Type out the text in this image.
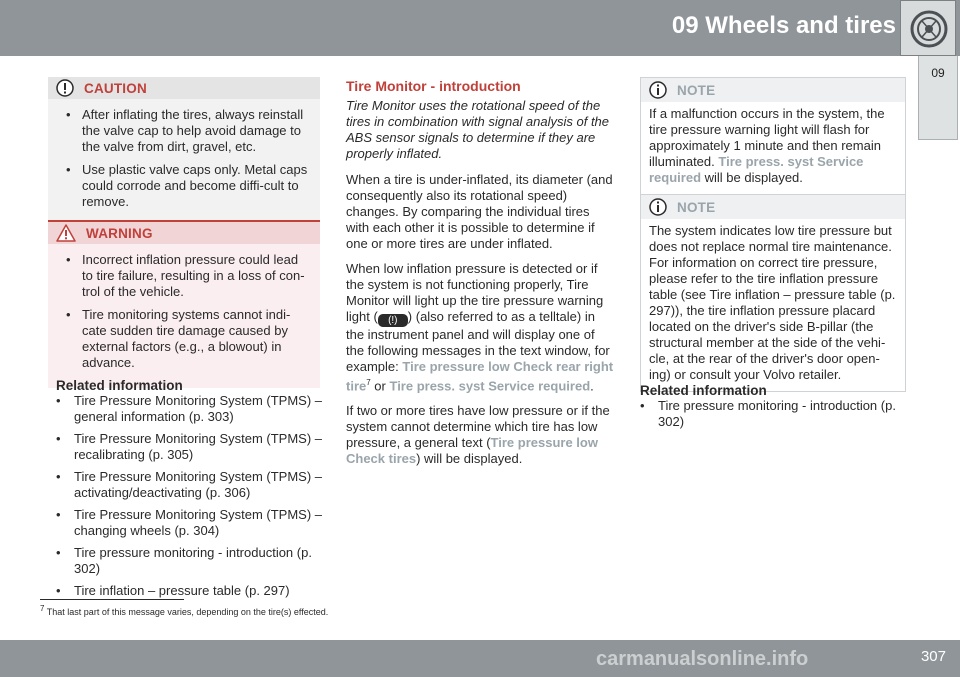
09 Wheels and tires
09
CAUTION
• After inflating the tires, always reinstall the valve cap to help avoid damage to the valve from dirt, gravel, etc.
• Use plastic valve caps only. Metal caps could corrode and become diffi-cult to remove.
WARNING
• Incorrect inflation pressure could lead to tire failure, resulting in a loss of con-trol of the vehicle.
• Tire monitoring systems cannot indi-cate sudden tire damage caused by external factors (e.g., a blowout) in advance.
Related information
• Tire Pressure Monitoring System (TPMS) – general information (p. 303)
• Tire Pressure Monitoring System (TPMS) – recalibrating (p. 305)
• Tire Pressure Monitoring System (TPMS) – activating/deactivating (p. 306)
• Tire Pressure Monitoring System (TPMS) – changing wheels (p. 304)
• Tire pressure monitoring - introduction (p. 302)
• Tire inflation – pressure table (p. 297)
Tire Monitor - introduction

Tire Monitor uses the rotational speed of the tires in combination with signal analysis of the ABS sensor signals to determine if they are properly inflated.

When a tire is under-inflated, its diameter (and consequently also its rotational speed) changes. By comparing the individual tires with each other it is possible to determine if one or more tires are under inflated.

When low inflation pressure is detected or if the system is not functioning properly, Tire Monitor will light up the tire pressure warning light ( (!) ) (also referred to as a telltale) in the instrument panel and will display one of the following messages in the text window, for example: Tire pressure low Check rear right tire$^7$ or Tire press. syst Service required.

If two or more tires have low pressure or if the system cannot determine which tire has low pressure, a general text (Tire pressure low Check tires) will be displayed.

NOTE

If a malfunction occurs in the system, the tire pressure warning light will flash for approximately 1 minute and then remain illuminated. Tire press. syst Service required will be displayed.

NOTE

The system indicates low tire pressure but does not replace normal tire maintenance. For information on correct tire pressure, please refer to the tire inflation pressure table (see Tire inflation – pressure table (p. 297)), the tire inflation pressure placard located on the driver's side B-pillar (the structural member at the side of the vehi-cle, at the rear of the driver's door open-ing) or consult your Volvo retailer.

Related information
• Tire pressure monitoring - introduction (p. 302)
$^7$ That last part of this message varies, depending on the tire(s) effected.
307
carmanualsonline.info
